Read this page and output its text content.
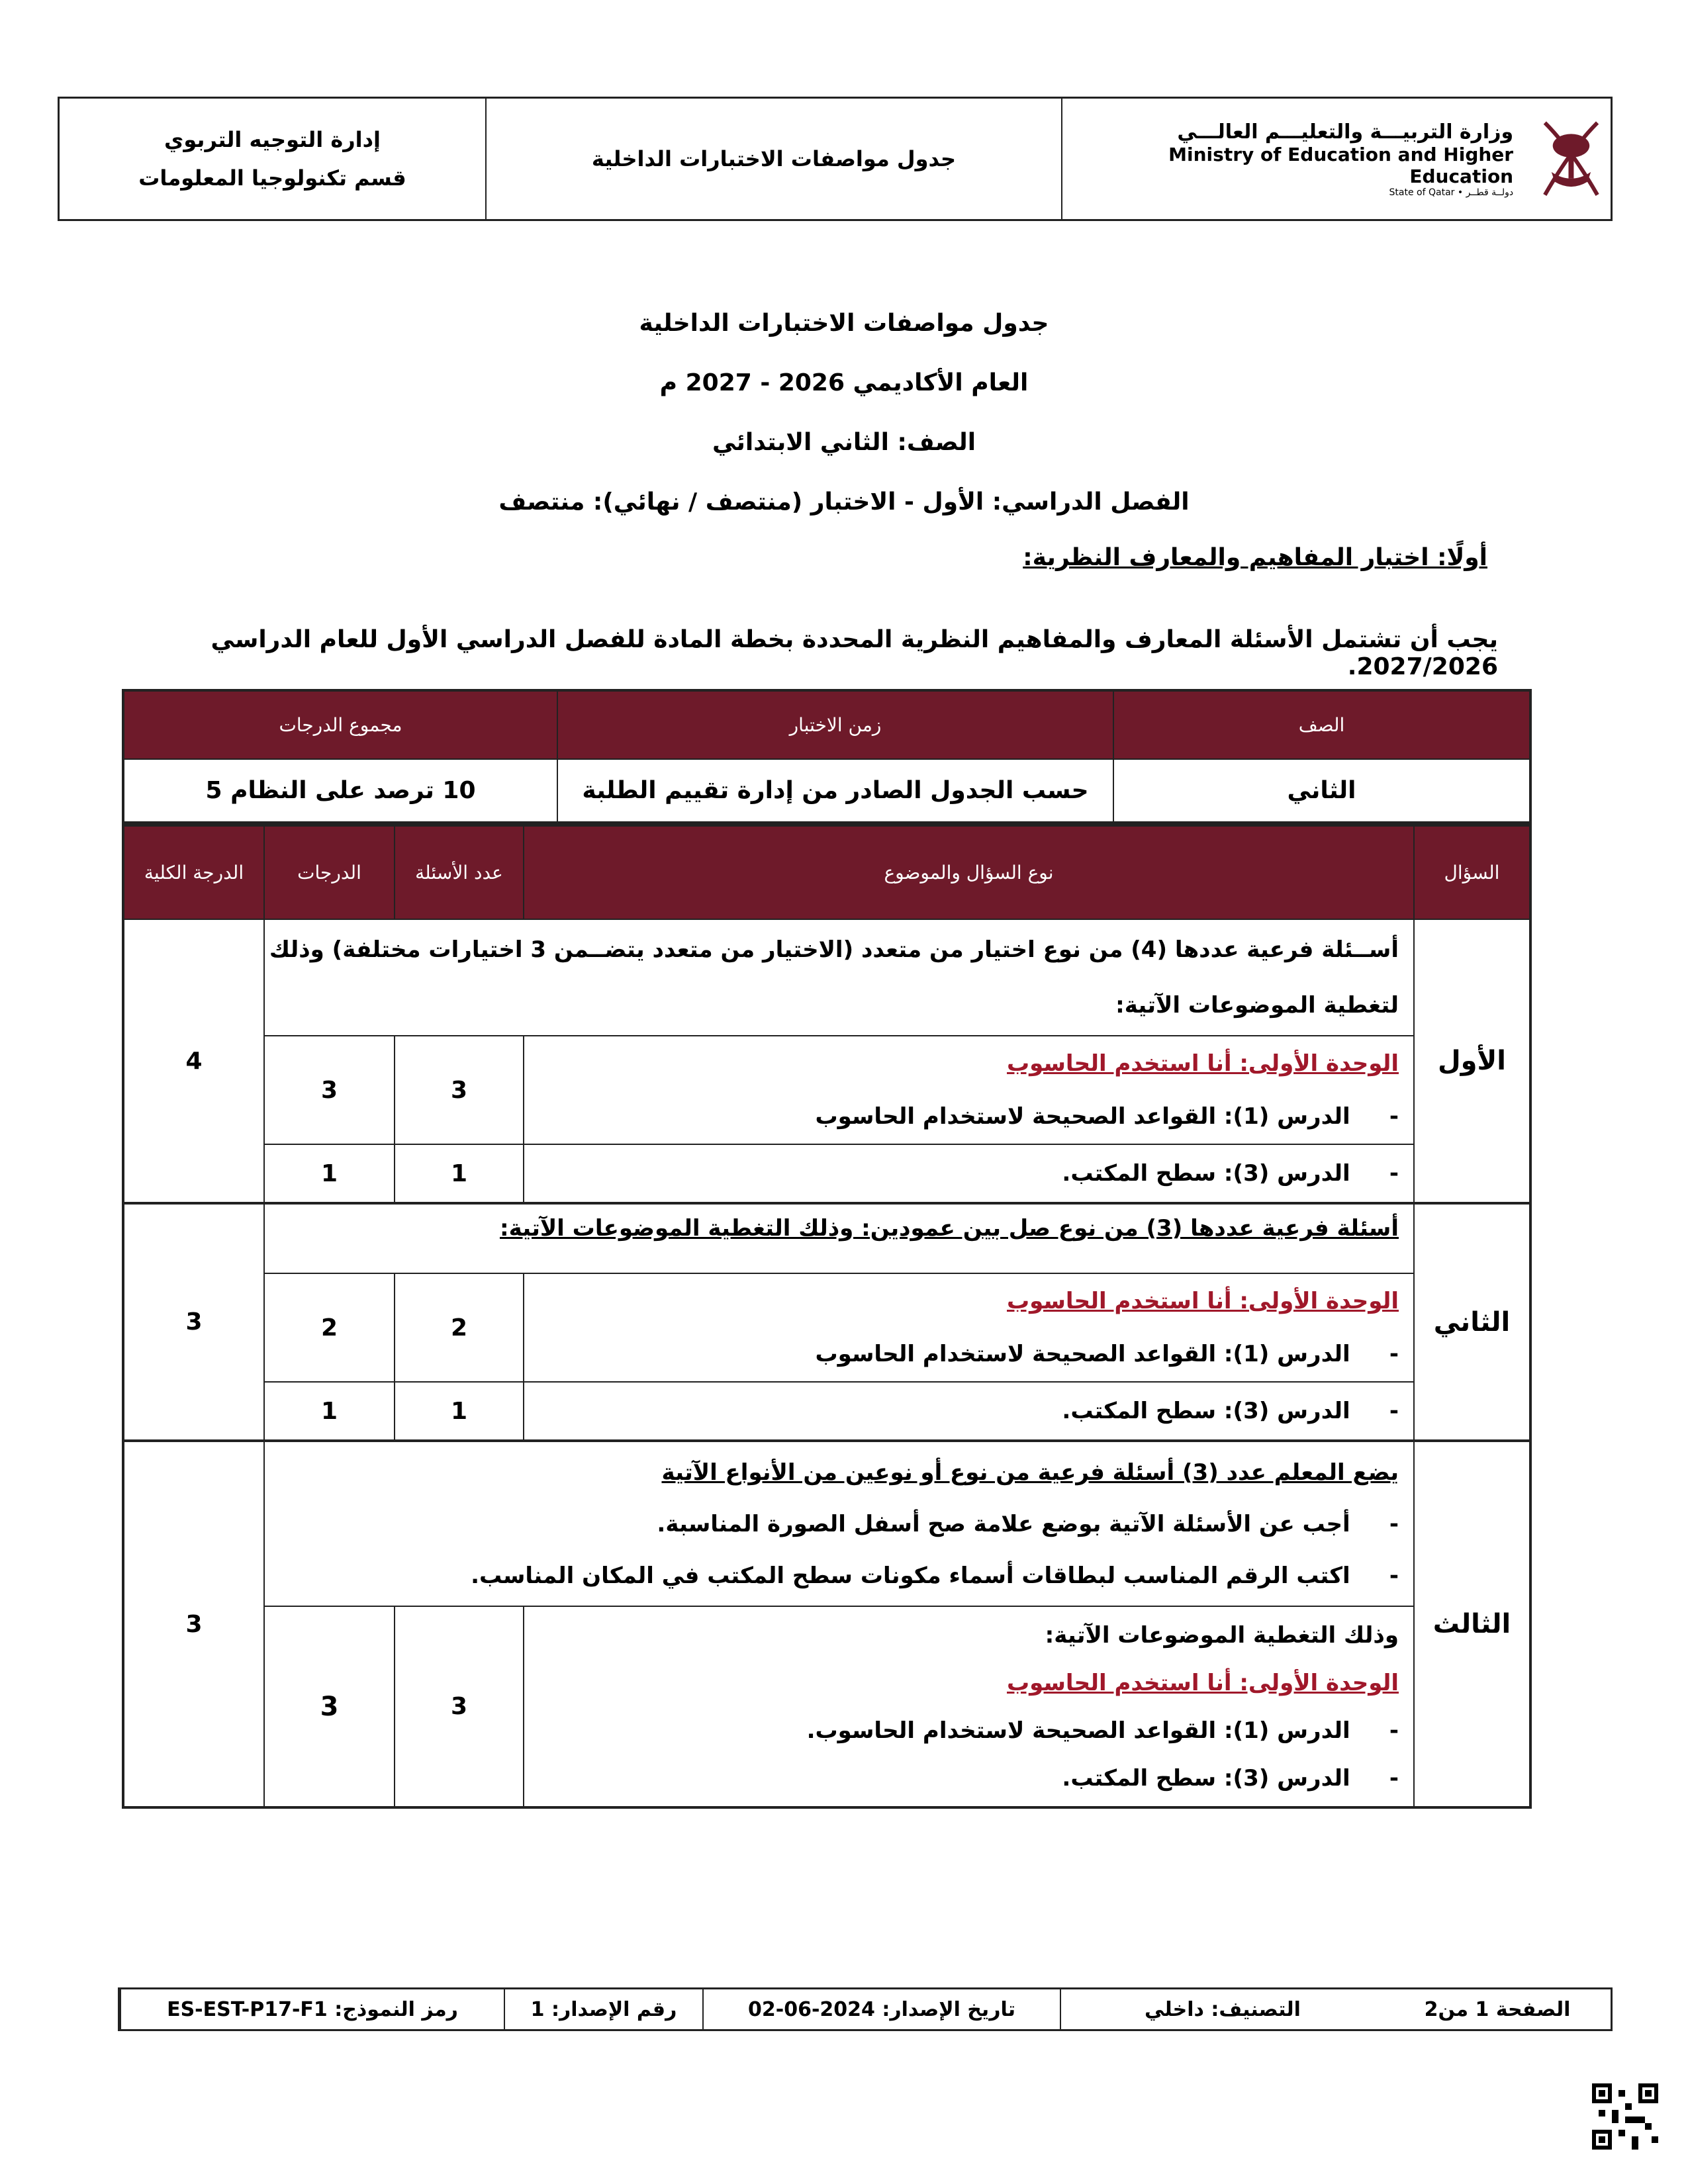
وزارة التربيـــة والتعليـــم العالـــي
Ministry of Education and Higher Education
State of Qatar • دولــة قطــر
جدول مواصفات الاختبارات الداخلية
إدارة التوجيه التربوي
قسم تكنولوجيا المعلومات
جدول مواصفات الاختبارات الداخلية
العام الأكاديمي 2026 - 2027 م
الصف: الثاني الابتدائي
الفصل الدراسي: الأول - الاختبار (منتصف / نهائي): منتصف
أولًا: اختبار المفاهيم والمعارف النظرية:
يجب أن تشتمل الأسئلة المعارف والمفاهيم النظرية المحددة بخطة المادة للفصل الدراسي الأول للعام الدراسي 2027/2026.
الصف	زمن الاختبار	مجموع الدرجات
الثاني	حسب الجدول الصادر من إدارة تقييم الطلبة	10 ترصد على النظام 5
السؤال	نوع السؤال والموضوع	عدد الأسئلة	الدرجات	الدرجة الكلية
الأول	أســئلة فرعية عددها (4) من نوع اختيار من متعدد (الاختيار من متعدد يتضــمن 3 اختيارات مختلفة) وذلك لتغطية الموضوعات الآتية:			4

	الوحدة الأولى: أنا استخدم الحاسوب
-     الدرس (1): القواعد الصحيحة لاستخدام الحاسوب	3	3	
	-     الدرس (3): سطح المكتب.	1	1	
الثاني	أسئلة فرعية عددها (3) من نوع صل بين عمودين: وذلك التغطية الموضوعات الآتية:			3

	الوحدة الأولى: أنا استخدم الحاسوب
-     الدرس (1): القواعد الصحيحة لاستخدام الحاسوب	2	2	
	-     الدرس (3): سطح المكتب.	1	1	
الثالث	يضع المعلم عدد (3) أسئلة فرعية من نوع أو نوعين من الأنواع الآتية
-     أجب عن الأسئلة الآتية بوضع علامة صح أسفل الصورة المناسبة.
-     اكتب الرقم المناسب لبطاقات أسماء مكونات سطح المكتب في المكان المناسب.			3

	وذلك التغطية الموضوعات الآتية:
الوحدة الأولى: أنا استخدم الحاسوب
-     الدرس (1): القواعد الصحيحة لاستخدام الحاسوب.
-     الدرس (3): سطح المكتب.	3	3	
رمز النموذج: ES-EST-P17-F1	رقم الإصدار: 1	تاريخ الإصدار: 2024-06-02	التصنيف: داخلي	الصفحة 1 من2
